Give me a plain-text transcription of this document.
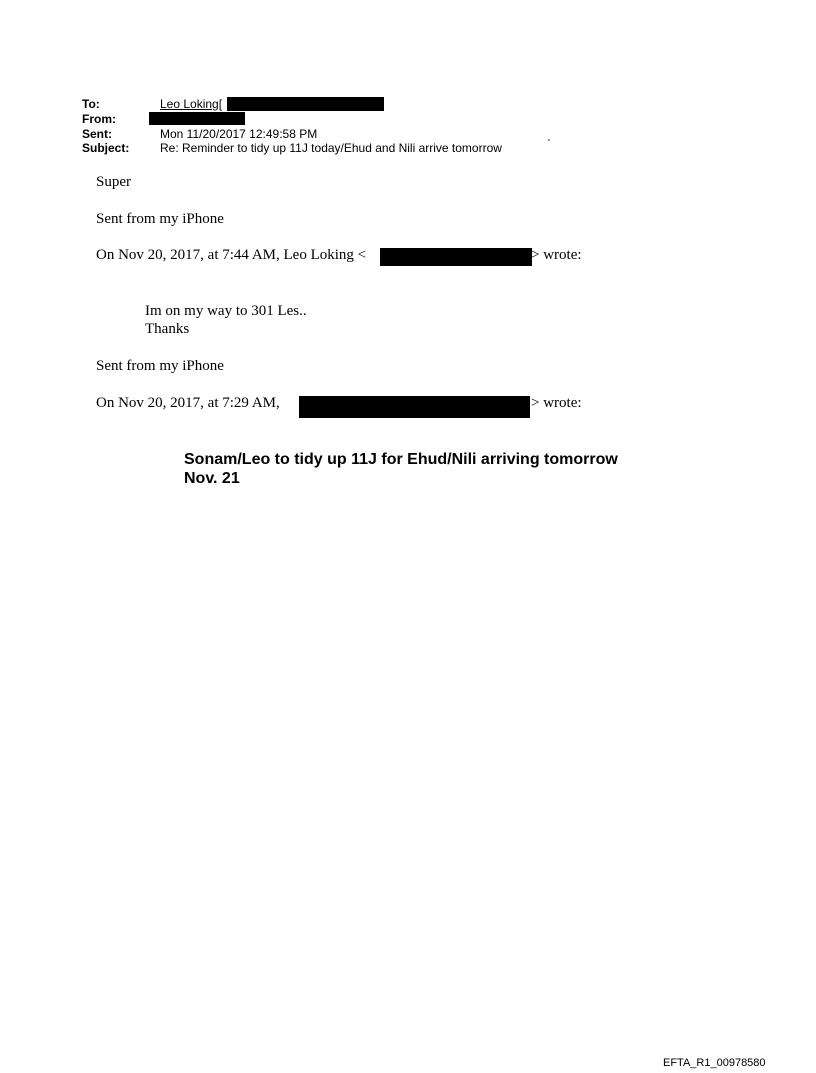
To:	Leo Loking[
From:
Sent:	Mon 11/20/2017 12:49:58 PM
Subject:	Re: Reminder to tidy up 11J today/Ehud and Nili arrive tomorrow	'
Super
Sent from my iPhone
On Nov 20, 2017, at 7:44 AM, Leo Loking <	> wrote:
Im on my way to 301 Les..
Thanks
Sent from my iPhone
On Nov 20, 2017, at 7:29 AM,	> wrote:
Sonam/Leo to tidy up 11J for Ehud/Nili arriving tomorrow
Nov. 21
EFTA_R1_00978580
